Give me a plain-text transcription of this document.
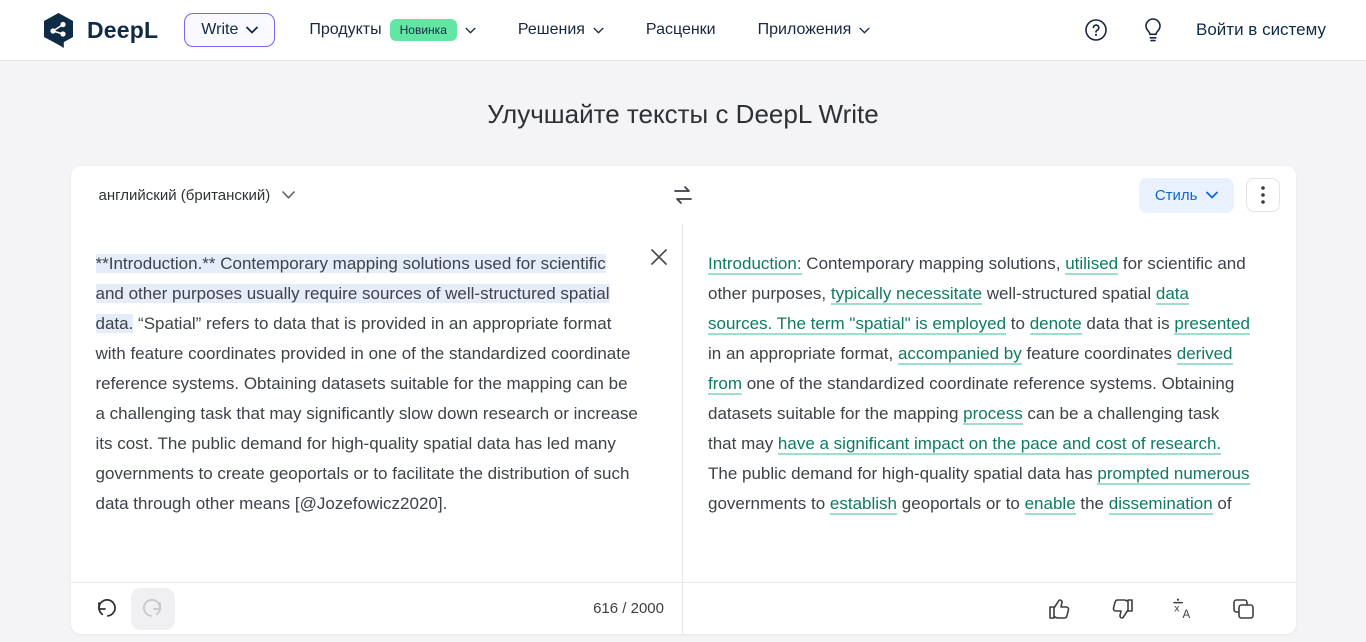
DeepL	Write	Продукты	Новинка	Решения	Расценки	Приложения	Войти в систему
Улучшайте тексты с DeepL Write
английский (британский)	Стиль
**Introduction.** Contemporary mapping solutions used for scientific and other purposes usually require sources of well-structured spatial data. “Spatial” refers to data that is provided in an appropriate format with feature coordinates provided in one of the standardized coordinate reference systems. Obtaining datasets suitable for the mapping can be a challenging task that may significantly slow down research or increase its cost. The public demand for high-quality spatial data has led many governments to create geoportals or to facilitate the distribution of such data through other means [@Jozefowicz2020].
Introduction: Contemporary mapping solutions, utilised for scientific and other purposes, typically necessitate well-structured spatial data sources. The term "spatial" is employed to denote data that is presented in an appropriate format, accompanied by feature coordinates derived from one of the standardized coordinate reference systems. Obtaining datasets suitable for the mapping process can be a challenging task that may have a significant impact on the pace and cost of research. The public demand for high-quality spatial data has prompted numerous governments to establish geoportals or to enable the dissemination of
616 / 2000	x
A
